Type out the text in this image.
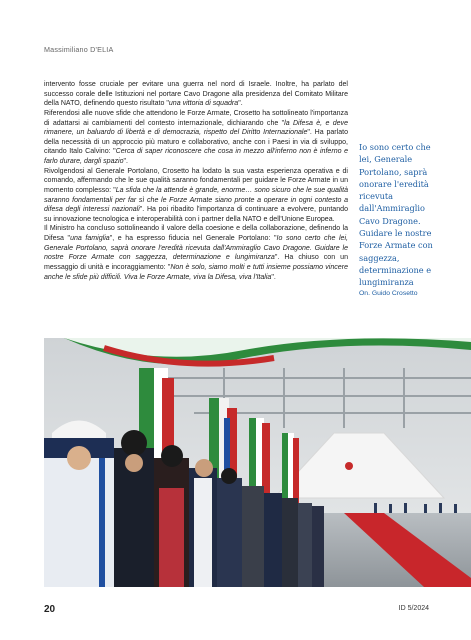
Massimiliano D'ELIA

intervento fosse cruciale per evitare una guerra nel nord di Israele. Inoltre, ha parlato del successo corale delle Istituzioni nel portare Cavo Dragone alla presidenza del Comitato Militare della NATO, definendo questo risultato "una vittoria di squadra".

Riferendosi alle nuove sfide che attendono le Forze Armate, Crosetto ha sottolineato l'importanza di adattarsi ai cambiamenti del contesto internazionale, dichiarando che "la Difesa è, e deve rimanere, un baluardo di libertà e di democrazia, rispetto del Diritto Internazionale". Ha parlato della necessità di un approccio più maturo e collaborativo, anche con i Paesi in via di sviluppo, citando Italo Calvino: "Cerca di saper riconoscere che cosa in mezzo all'inferno non è inferno e farlo durare, dargli spazio".

Rivolgendosi al Generale Portolano, Crosetto ha lodato la sua vasta esperienza operativa e di comando, affermando che le sue qualità saranno fondamentali per guidare le Forze Armate in un momento complesso: "La sfida che la attende è grande, enorme… sono sicuro che le sue qualità saranno fondamentali per far sì che le Forze Armate siano pronte a operare in ogni contesto a difesa degli interessi nazionali". Ha poi ribadito l'importanza di continuare a evolvere, puntando su innovazione tecnologica e interoperabilità con i partner della NATO e dell'Unione Europea.

Il Ministro ha concluso sottolineando il valore della coesione e della collaborazione, definendo la Difesa "una famiglia", e ha espresso fiducia nel Generale Portolano: "Io sono certo che lei, Generale Portolano, saprà onorare l'eredità ricevuta dall'Ammiraglio Cavo Dragone. Guidare le nostre Forze Armate con saggezza, determinazione e lungimiranza". Ha chiuso con un messaggio di unità e incoraggiamento: "Non è solo, siamo molti e tutti insieme possiamo vincere anche le sfide più difficili. Viva le Forze Armate, viva la Difesa, viva l'Italia".

Io sono certo che lei, Generale Portolano, saprà onorare l'eredità ricevuta dall'Ammiraglio Cavo Dragone. Guidare le nostre Forze Armate con saggezza, determinazione e lungimiranza

On. Guido Crosetto
20	ID 5/2024
